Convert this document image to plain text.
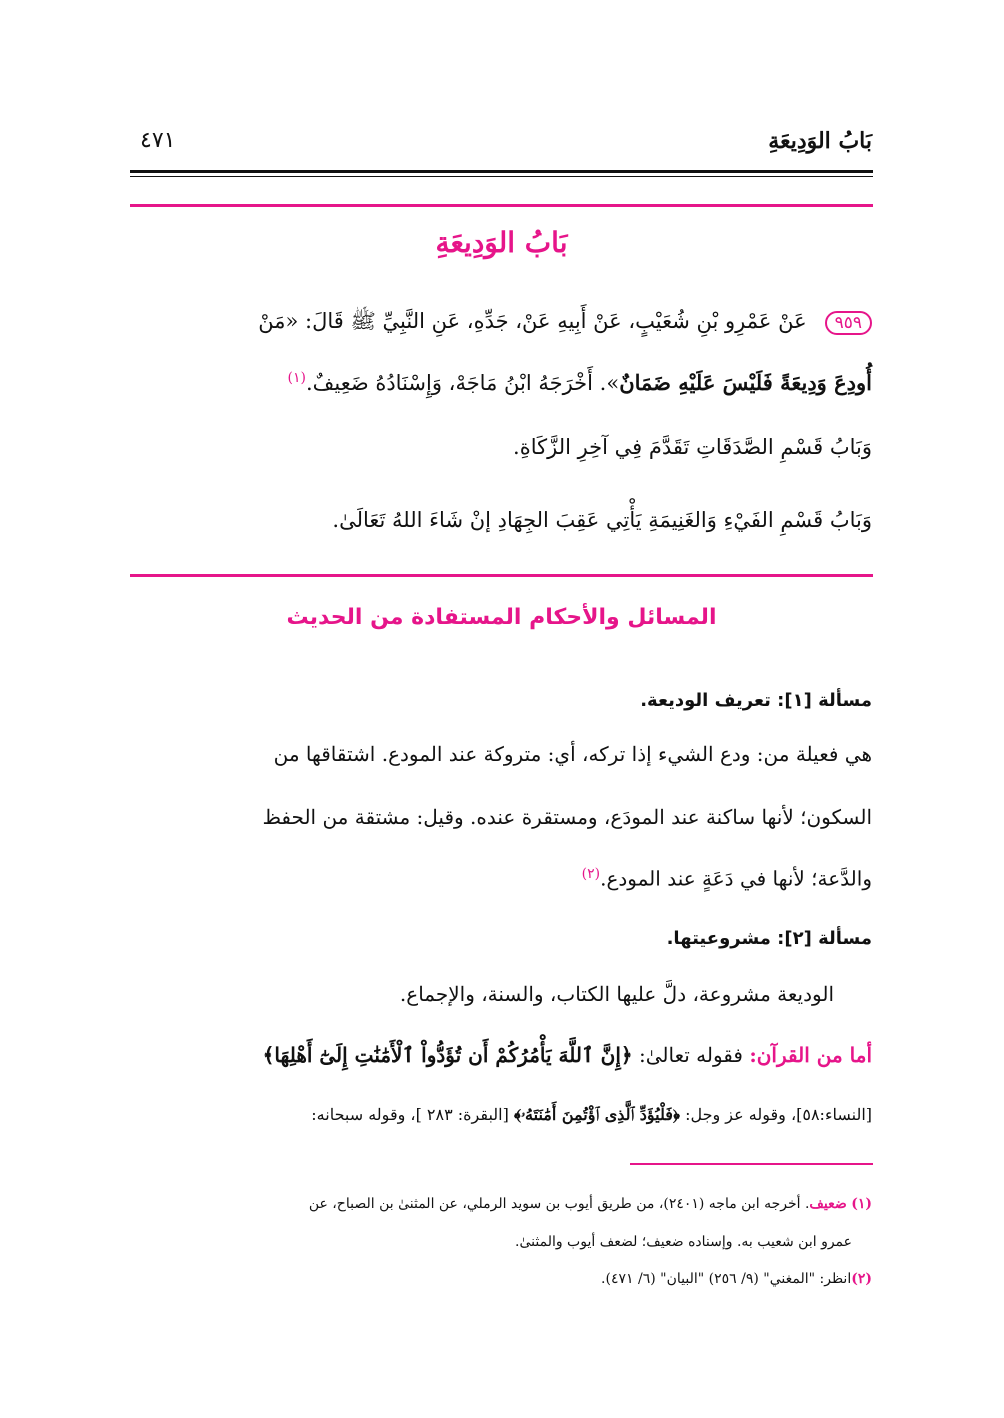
بَابُ الوَدِيعَةِ
٤٧١
بَابُ الوَدِيعَةِ
٩٥٩عَنْ عَمْرِو بْنِ شُعَيْبٍ، عَنْ أَبِيهِ عَنْ، جَدِّهِ، عَنِ النَّبِيِّ ﷺ قَالَ: «مَنْ
أُودِعَ وَدِيعَةً فَلَيْسَ عَلَيْهِ ضَمَانٌ». أَخْرَجَهُ ابْنُ مَاجَهْ، وَإِسْنَادُهُ ضَعِيفٌ.$^{(١)}$
وَبَابُ قَسْمِ الصَّدَقَاتِ تَقَدَّمَ فِي آخِرِ الزَّكَاةِ.
وَبَابُ قَسْمِ الفَيْءِ وَالغَنِيمَةِ يَأْتِي عَقِبَ الجِهَادِ إنْ شَاءَ اللهُ تَعَالَىٰ.
المسائل والأحكام المستفادة من الحديث
مسألة [١]: تعريف الوديعة.
هي فعيلة من: ودع الشيء إذا تركه، أي: متروكة عند المودع. اشتقاقها من
السكون؛ لأنها ساكنة عند المودَع، ومستقرة عنده. وقيل: مشتقة من الحفظ
والدَّعة؛ لأنها في دَعَةٍ عند المودع.$^{(٢)}$
مسألة [٢]: مشروعيتها.
الوديعة مشروعة، دلَّ عليها الكتاب، والسنة، والإجماع.
أما من القرآن: فقوله تعالىٰ: ﴿إِنَّ ٱللَّهَ يَأْمُرُكُمْ أَن تُؤَدُّواْ ٱلْأَمَٰنَٰتِ إِلَىٰٓ أَهْلِهَا﴾
[النساء:٥٨]، وقوله عز وجل: ﴿فَلْيُؤَدِّ ٱلَّذِى ٱؤْتُمِنَ أَمَٰنَتَهُۥ﴾ [البقرة: ٢٨٣ ]، وقوله سبحانه:
(١) ضعيف. أخرجه ابن ماجه (٢٤٠١)، من طريق أيوب بن سويد الرملي، عن المثنىٰ بن الصباح، عن
عمرو ابن شعيب به. وإسناده ضعيف؛ لضعف أيوب والمثنىٰ.
(٢)انظر: "المغني" (٩/ ٢٥٦) "البيان" (٦/ ٤٧١).
